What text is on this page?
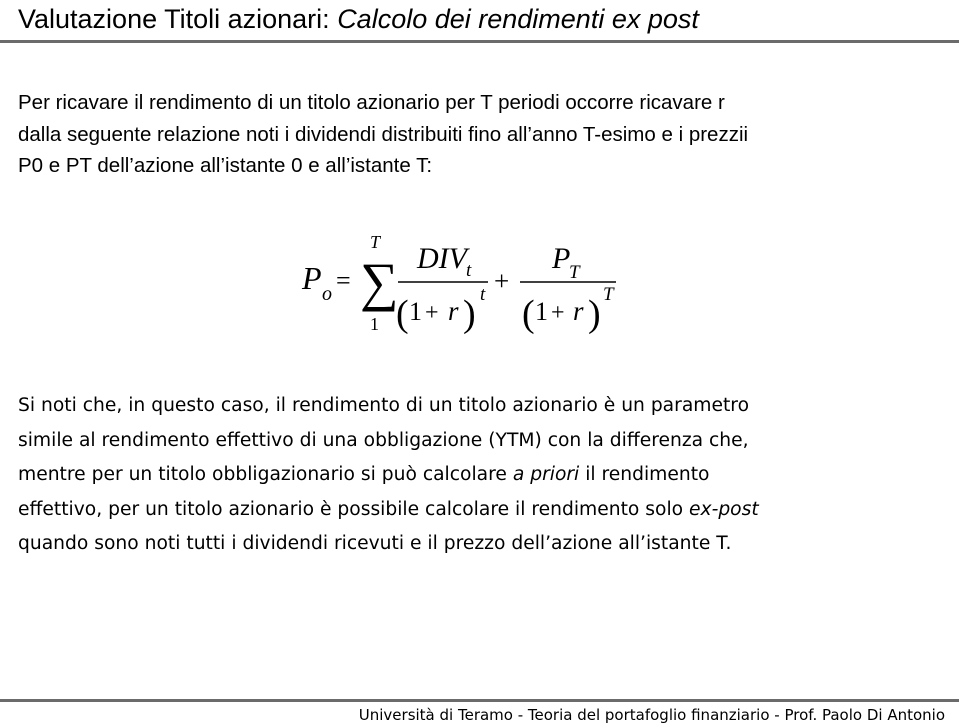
Valutazione Titoli azionari: Calcolo dei rendimenti ex post
Per ricavare il rendimento di un titolo azionario per T periodi occorre ricavare r
dalla seguente relazione noti i dividendi distribuiti fino all’anno T-esimo e i prezzii
P0 e PT dell’azione all’istante 0 e all’istante T:
P o =
T
∑
1
DIV t
( 1 + r ) t +
P
T
( 1 + r ) T
Si noti che, in questo caso, il rendimento di un titolo azionario è un parametro
simile al rendimento effettivo di una obbligazione (YTM) con la differenza che,
mentre per un titolo obbligazionario si può calcolare a priori il rendimento
effettivo, per un titolo azionario è possibile calcolare il rendimento solo ex-post
quando sono noti tutti i dividendi ricevuti e il prezzo dell’azione all’istante T.
Università di Teramo - Teoria del portafoglio finanziario - Prof. Paolo Di Antonio
